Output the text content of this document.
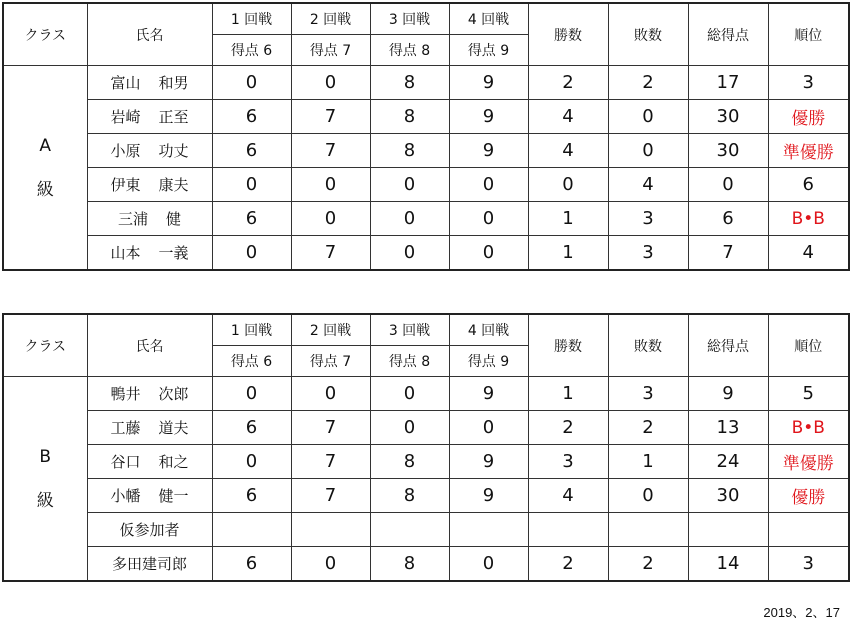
クラス	氏名	1 回戦	2 回戦	3 回戦	4 回戦	勝数	敗数	総得点	順位
		得点 6	得点 7	得点 8	得点 9				
A
級	富山 和男	0	0	8	9	2	2	17	3
	岩崎 正至	6	7	8	9	4	0	30	優勝
	小原 功丈	6	7	8	9	4	0	30	準優勝
	伊東 康夫	0	0	0	0	0	4	0	6
	三浦 健	6	0	0	0	1	3	6	B•B
	山本 一義	0	7	0	0	1	3	7	4
クラス	氏名	1 回戦	2 回戦	3 回戦	4 回戦	勝数	敗数	総得点	順位
		得点 6	得点 7	得点 8	得点 9				
B
級	鴨井 次郎	0	0	0	9	1	3	9	5
	工藤 道夫	6	7	0	0	2	2	13	B•B
	谷口 和之	0	7	8	9	3	1	24	準優勝
	小幡 健一	6	7	8	9	4	0	30	優勝
	仮参加者								
	多田建司郎	6	0	8	0	2	2	14	3
2019、2、17
